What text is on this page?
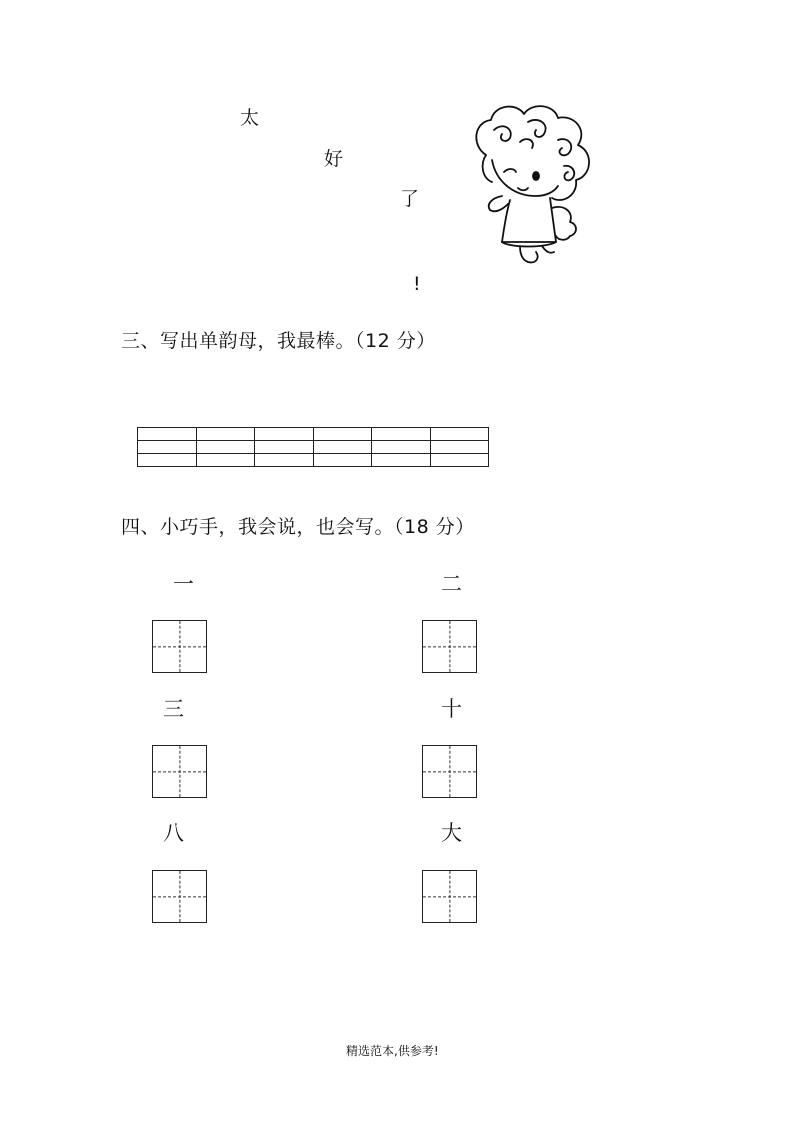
太
好
了
!
三、写出单韵母，我最棒。（12 分）

四、小巧手，我会说，也会写。（18 分）
一	二
三	十
八	大
精选范本,供参考!
